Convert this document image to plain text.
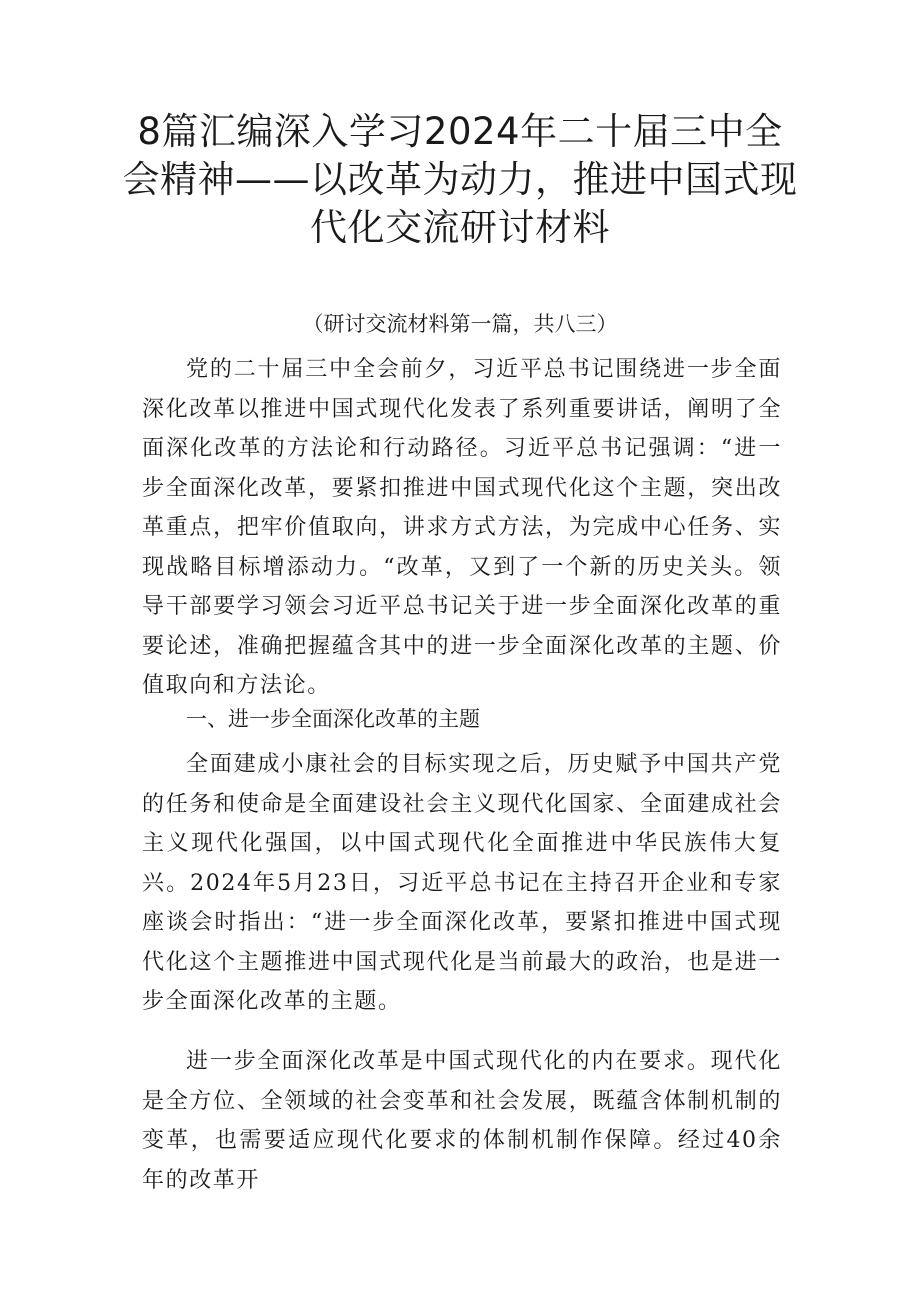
8篇汇编深入学习2024年二十届三中全会精神——以改革为动力，推进中国式现代化交流研讨材料

（研讨交流材料第一篇，共八三）

党的二十届三中全会前夕，习近平总书记围绕进一步全面深化改革以推进中国式现代化发表了系列重要讲话，阐明了全面深化改革的方法论和行动路径。习近平总书记强调：“进一步全面深化改革，要紧扣推进中国式现代化这个主题，突出改革重点，把牢价值取向，讲求方式方法，为完成中心任务、实现战略目标增添动力。“改革，又到了一个新的历史关头。领导干部要学习领会习近平总书记关于进一步全面深化改革的重要论述，准确把握蕴含其中的进一步全面深化改革的主题、价值取向和方法论。

一、进一步全面深化改革的主题

全面建成小康社会的目标实现之后，历史赋予中国共产党的任务和使命是全面建设社会主义现代化国家、全面建成社会主义现代化强国，以中国式现代化全面推进中华民族伟大复兴。2024年5月23日，习近平总书记在主持召开企业和专家座谈会时指出：“进一步全面深化改革，要紧扣推进中国式现代化这个主题推进中国式现代化是当前最大的政治，也是进一步全面深化改革的主题。

进一步全面深化改革是中国式现代化的内在要求。现代化是全方位、全领域的社会变革和社会发展，既蕴含体制机制的变革，也需要适应现代化要求的体制机制作保障。经过40余年的改革开
